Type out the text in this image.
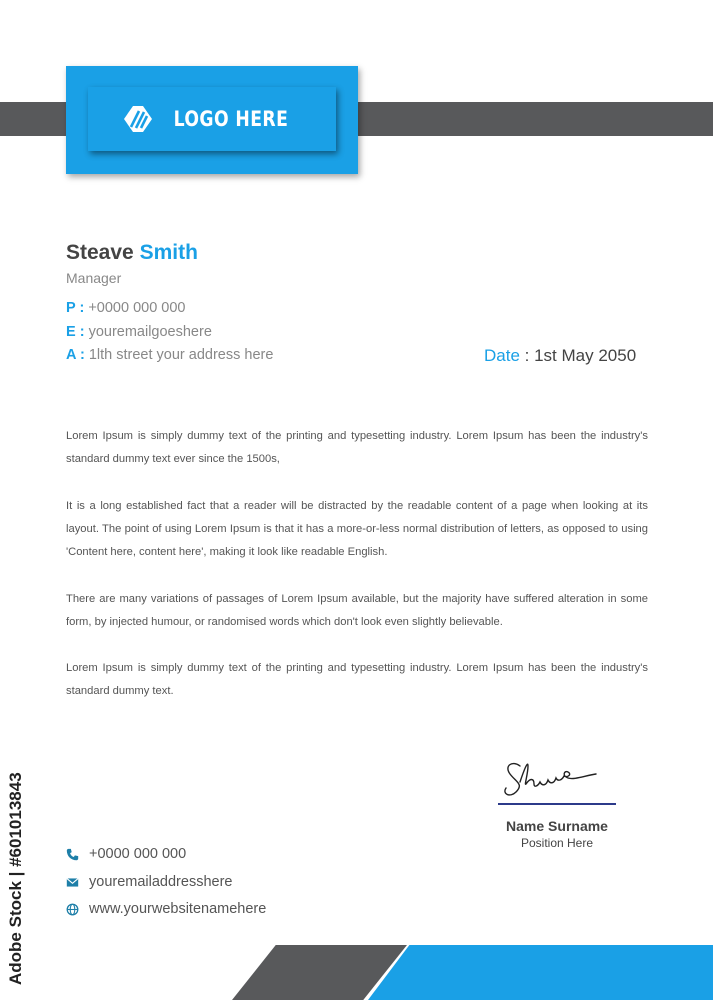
LOGO HERE
Steave Smith
Manager
P : +0000 000 000
E : youremailgoeshere
A : 1lth street your address here	Date : 1st May 2050

Lorem Ipsum is simply dummy text of the printing and typesetting industry. Lorem Ipsum has been the industry's standard dummy text ever since the 1500s,

It is a long established fact that a reader will be distracted by the readable content of a page when looking at its layout. The point of using Lorem Ipsum is that it has a more-or-less normal distribution of letters, as opposed to using 'Content here, content here', making it look like readable English.

There are many variations of passages of Lorem Ipsum available, but the majority have suffered alteration in some form, by injected humour, or randomised words which don't look even slightly believable.

Lorem Ipsum is simply dummy text of the printing and typesetting industry. Lorem Ipsum has been the industry's standard dummy text.

Name Surname
Position Here
+0000 000 000
youremailaddresshere
www.yourwebsitenamehere
Adobe Stock | #601013843
